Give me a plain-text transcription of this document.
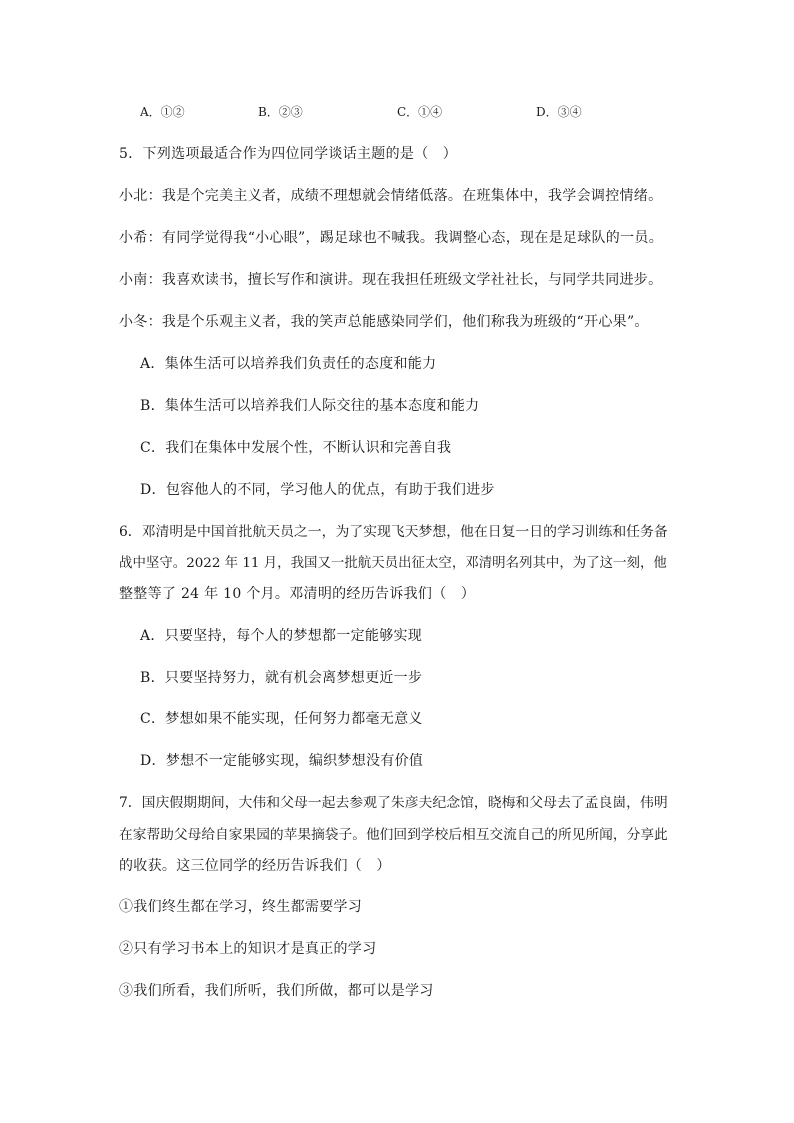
A．①②	B．②③	C．①④	D．③④
5．下列选项最适合作为四位同学谈话主题的是（　）
小北：我是个完美主义者，成绩不理想就会情绪低落。在班集体中，我学会调控情绪。
小希：有同学觉得我“小心眼”，踢足球也不喊我。我调整心态，现在是足球队的一员。
小南：我喜欢读书，擅长写作和演讲。现在我担任班级文学社社长，与同学共同进步。
小冬：我是个乐观主义者，我的笑声总能感染同学们，他们称我为班级的“开心果”。
A．集体生活可以培养我们负责任的态度和能力
B．集体生活可以培养我们人际交往的基本态度和能力
C．我们在集体中发展个性，不断认识和完善自我
D．包容他人的不同，学习他人的优点，有助于我们进步
6．邓清明是中国首批航天员之一，为了实现飞天梦想，他在日复一日的学习训练和任务备
战中坚守。2022 年 11 月，我国又一批航天员出征太空，邓清明名列其中，为了这一刻，他
整整等了 24 年 10 个月。邓清明的经历告诉我们（　）
A．只要坚持，每个人的梦想都一定能够实现
B．只要坚持努力，就有机会离梦想更近一步
C．梦想如果不能实现，任何努力都毫无意义
D．梦想不一定能够实现，编织梦想没有价值
7．国庆假期期间，大伟和父母一起去参观了朱彦夫纪念馆，晓梅和父母去了孟良崮，伟明
在家帮助父母给自家果园的苹果摘袋子。他们回到学校后相互交流自己的所见所闻，分享此
的收获。这三位同学的经历告诉我们（　）
①我们终生都在学习，终生都需要学习
②只有学习书本上的知识才是真正的学习
③我们所看，我们所听，我们所做，都可以是学习
